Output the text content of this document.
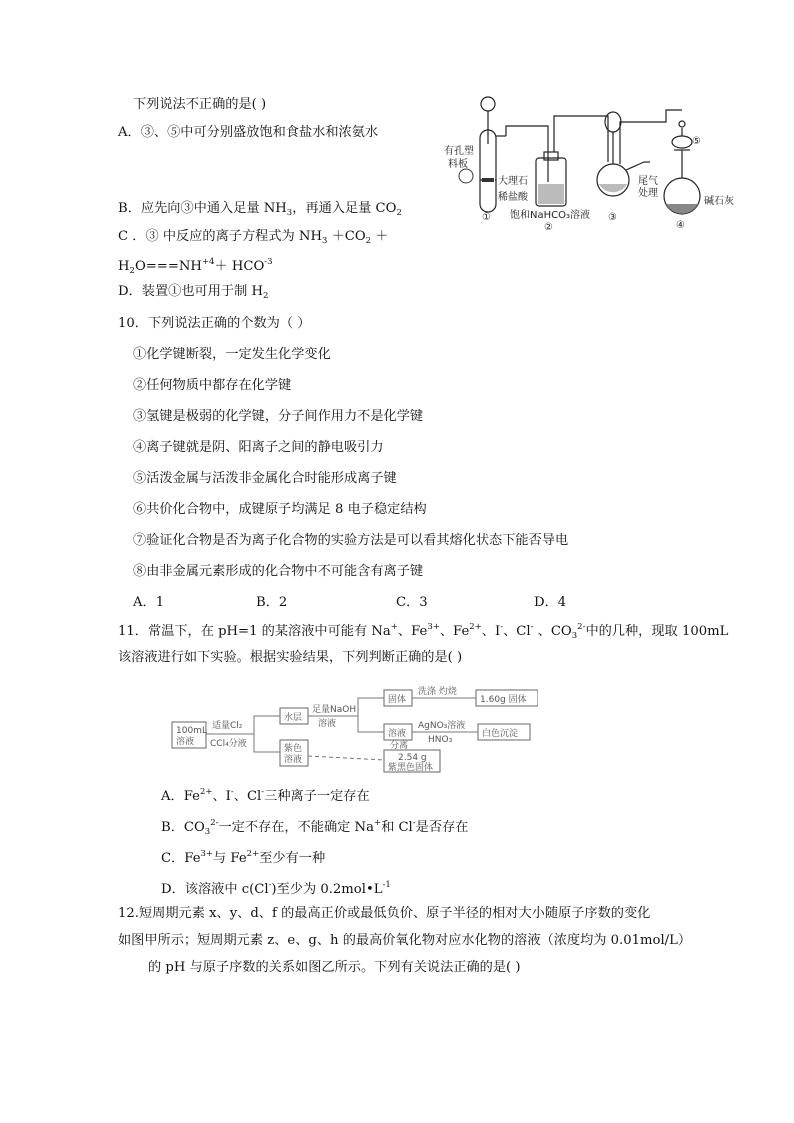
下列说法不正确的是( )
A．③、⑤中可分别盛放饱和食盐水和浓氨水
B．应先向③中通入足量 $NH_3$，再通入足量 $CO_2$
C ．③ 中反应的离子方程式为 $NH_3 +CO_2$ ＋
$H_2O===NH^{+4}+ HCO^{-3}$
D．装置①也可用于制 $H_2$
有孔塑
料板
大理石
稀盐酸
饱和NaHCO₃溶液
尾气
处理
碱石灰
①
②
③
④
⑤
10．下列说法正确的个数为（ ）
①化学键断裂，一定发生化学变化
②任何物质中都存在化学键
③氢键是极弱的化学键，分子间作用力不是化学键
④离子键就是阴、阳离子之间的静电吸引力
⑤活泼金属与活泼非金属化合时能形成离子键
⑥共价化合物中，成键原子均满足 8 电子稳定结构
⑦验证化合物是否为离子化合物的实验方法是可以看其熔化状态下能否导电
⑧由非金属元素形成的化合物中不可能含有离子键
A．1	B．2	C．3	D．4
11．常温下，在 pH=1 的某溶液中可能有 Na+、$Fe^{3+}$、$Fe^{2+}$、I-、Cl- 、$CO_3^{2-}$中的几种，现取 100mL
该溶液进行如下实验。根据实验结果，下列判断正确的是( )
100mL
溶液
适量Cl₂
CCl₄分液
水层
紫色
溶液
足量NaOH
溶液
固体
洗涤 灼烧
1.60g 固体
溶液
AgNO₃溶液
HNO₃
白色沉淀
分离
2.54 g
紫黑色固体
A．$Fe^{2+}$、I-、Cl-三种离子一定存在
B．$CO_3^{2-}$一定不存在，不能确定 Na+和 Cl-是否存在
C．$Fe^{3+}$与 $Fe^{2+}$至少有一种
D．该溶液中 c(Cl-)至少为 $0.2mol•L^{-1}$
12.短周期元素 x、y、d、f 的最高正价或最低负价、原子半径的相对大小随原子序数的变化
如图甲所示；短周期元素 z、e、g、h 的最高价氧化物对应水化物的溶液（浓度均为 0.01mol/L）
的 pH 与原子序数的关系如图乙所示。下列有关说法正确的是( )
